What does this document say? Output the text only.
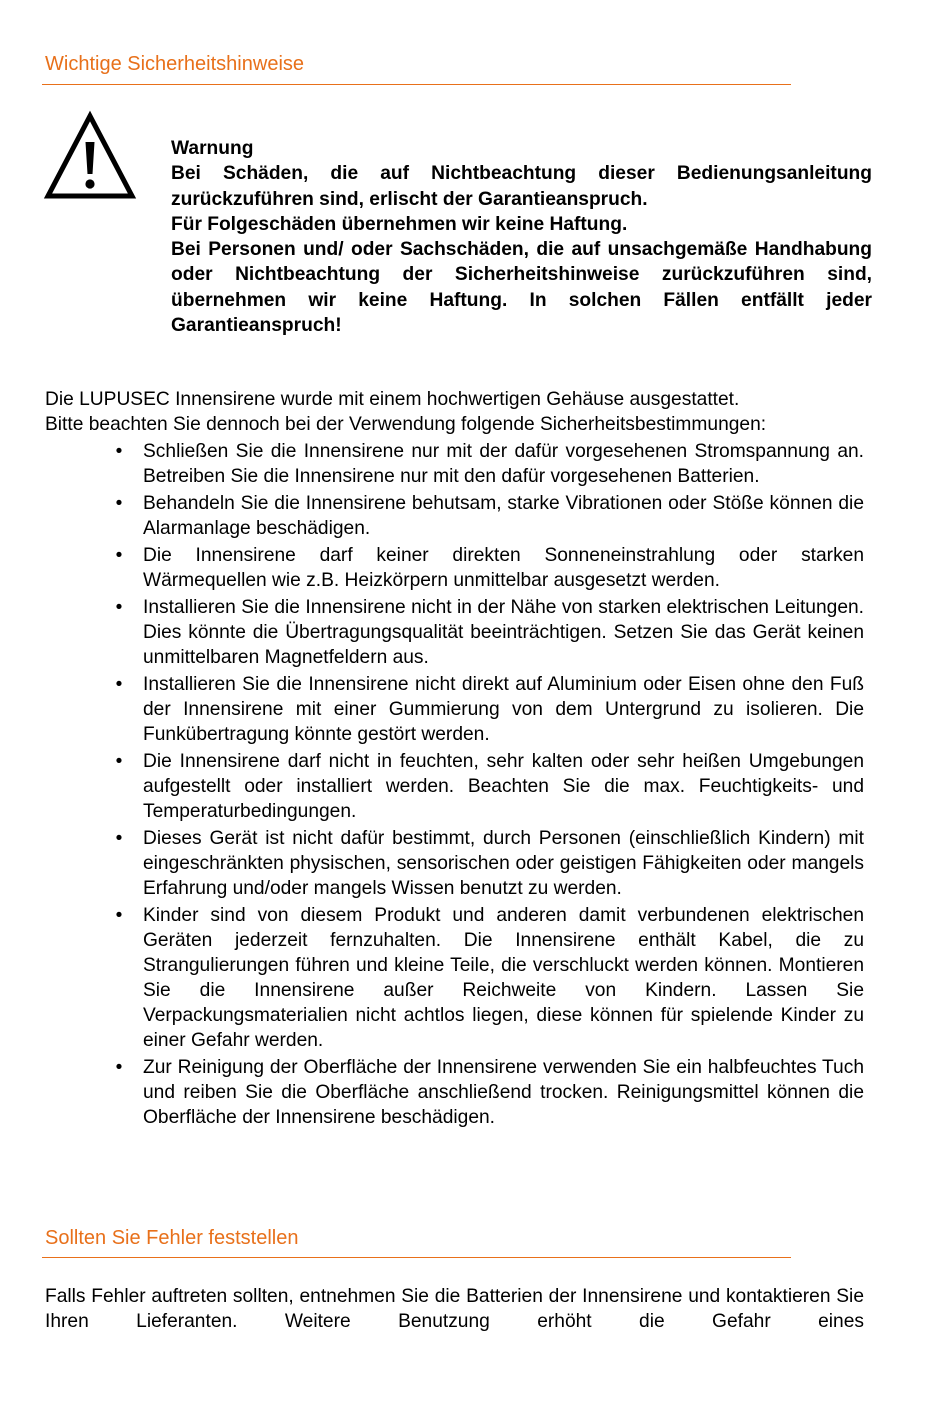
Wichtige Sicherheitshinweise

Warnung

Bei Schäden, die auf Nichtbeachtung dieser Bedienungsanleitung zurückzuführen sind, erlischt der Garantieanspruch.

Für Folgeschäden übernehmen wir keine Haftung.

Bei Personen und/ oder Sachschäden, die auf unsachgemäße Handhabung oder Nichtbeachtung der Sicherheitshinweise zurückzuführen sind, übernehmen wir keine Haftung. In solchen Fällen entfällt jeder Garantieanspruch!

Die LUPUSEC Innensirene wurde mit einem hochwertigen Gehäuse ausgestattet.

Bitte beachten Sie dennoch bei der Verwendung folgende Sicherheitsbestimmungen:

• Schließen Sie die Innensirene nur mit der dafür vorgesehenen Stromspannung an. Betreiben Sie die Innensirene nur mit den dafür vorgesehenen Batterien.
• Behandeln Sie die Innensirene behutsam, starke Vibrationen oder Stöße können die Alarmanlage beschädigen.
• Die Innensirene darf keiner direkten Sonneneinstrahlung oder starken Wärmequellen wie z.B. Heizkörpern unmittelbar ausgesetzt werden.
• Installieren Sie die Innensirene nicht in der Nähe von starken elektrischen Leitungen. Dies könnte die Übertragungsqualität beeinträchtigen. Setzen Sie das Gerät keinen unmittelbaren Magnetfeldern aus.
• Installieren Sie die Innensirene nicht direkt auf Aluminium oder Eisen ohne den Fuß der Innensirene mit einer Gummierung von dem Untergrund zu isolieren. Die Funkübertragung könnte gestört werden.
• Die Innensirene darf nicht in feuchten, sehr kalten oder sehr heißen Umgebungen aufgestellt oder installiert werden. Beachten Sie die max. Feuchtigkeits- und Temperaturbedingungen.
• Dieses Gerät ist nicht dafür bestimmt, durch Personen (einschließlich Kindern) mit eingeschränkten physischen, sensorischen oder geistigen Fähigkeiten oder mangels Erfahrung und/oder mangels Wissen benutzt zu werden.
• Kinder sind von diesem Produkt und anderen damit verbundenen elektrischen Geräten jederzeit fernzuhalten. Die Innensirene enthält Kabel, die zu Strangulierungen führen und kleine Teile, die verschluckt werden können. Montieren Sie die Innensirene außer Reichweite von Kindern. Lassen Sie Verpackungsmaterialien nicht achtlos liegen, diese können für spielende Kinder zu einer Gefahr werden.
• Zur Reinigung der Oberfläche der Innensirene verwenden Sie ein halbfeuchtes Tuch und reiben Sie die Oberfläche anschließend trocken. Reinigungsmittel können die Oberfläche der Innensirene beschädigen.
Sollten Sie Fehler feststellen

Falls Fehler auftreten sollten, entnehmen Sie die Batterien der Innensirene und kontaktieren Sie Ihren Lieferanten. Weitere Benutzung erhöht die Gefahr eines
